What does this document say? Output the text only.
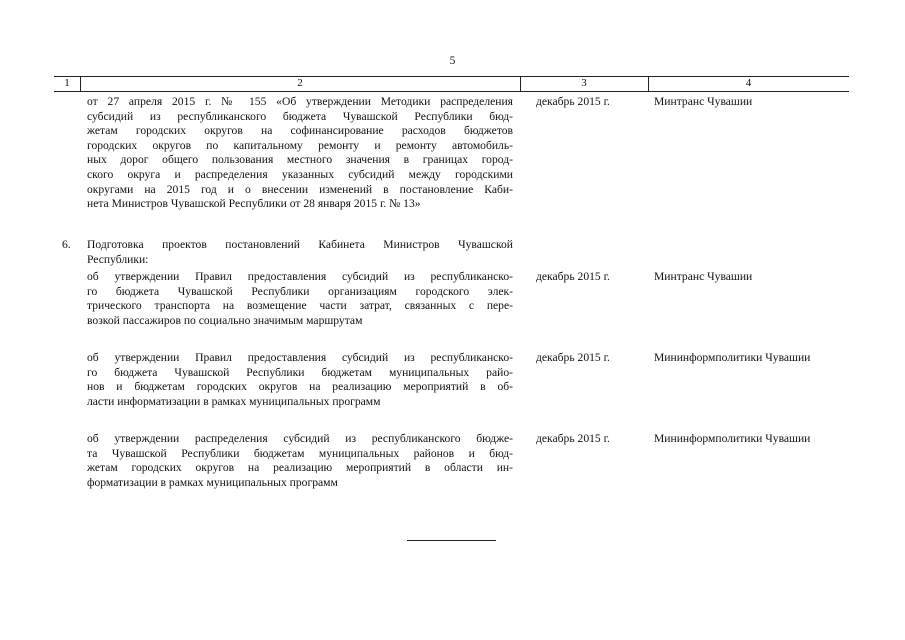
5
1	2	3	4
от 27 апреля 2015 г. № 155 «Об утверждении Методики распределения
субсидий из республиканского бюджета Чувашской Республики бюд-
жетам городских округов на софинансирование расходов бюджетов
городских округов по капитальному ремонту и ремонту автомобиль-
ных дорог общего пользования местного значения в границах город-
ского округа и распределения указанных субсидий между городскими
округами на 2015 год и о внесении изменений в постановление Каби-
нета Министров Чувашской Республики от 28 января 2015 г. № 13»
декабрь 2015 г.	Минтранс Чувашии
6.	Подготовка проектов постановлений Кабинета Министров Чувашской
Республики:
об утверждении Правил предоставления субсидий из республиканско-
го бюджета Чувашской Республики организациям городского элек-
трического транспорта на возмещение части затрат, связанных с пере-
возкой пассажиров по социально значимым маршрутам
декабрь 2015 г.	Минтранс Чувашии
об утверждении Правил предоставления субсидий из республиканско-
го бюджета Чувашской Республики бюджетам муниципальных райо-
нов и бюджетам городских округов на реализацию мероприятий в об-
ласти информатизации в рамках муниципальных программ
декабрь 2015 г.	Мининформполитики Чувашии
об утверждении распределения субсидий из республиканского бюдже-
та Чувашской Республики бюджетам муниципальных районов и бюд-
жетам городских округов на реализацию мероприятий в области ин-
форматизации в рамках муниципальных программ
декабрь 2015 г.	Мининформполитики Чувашии
